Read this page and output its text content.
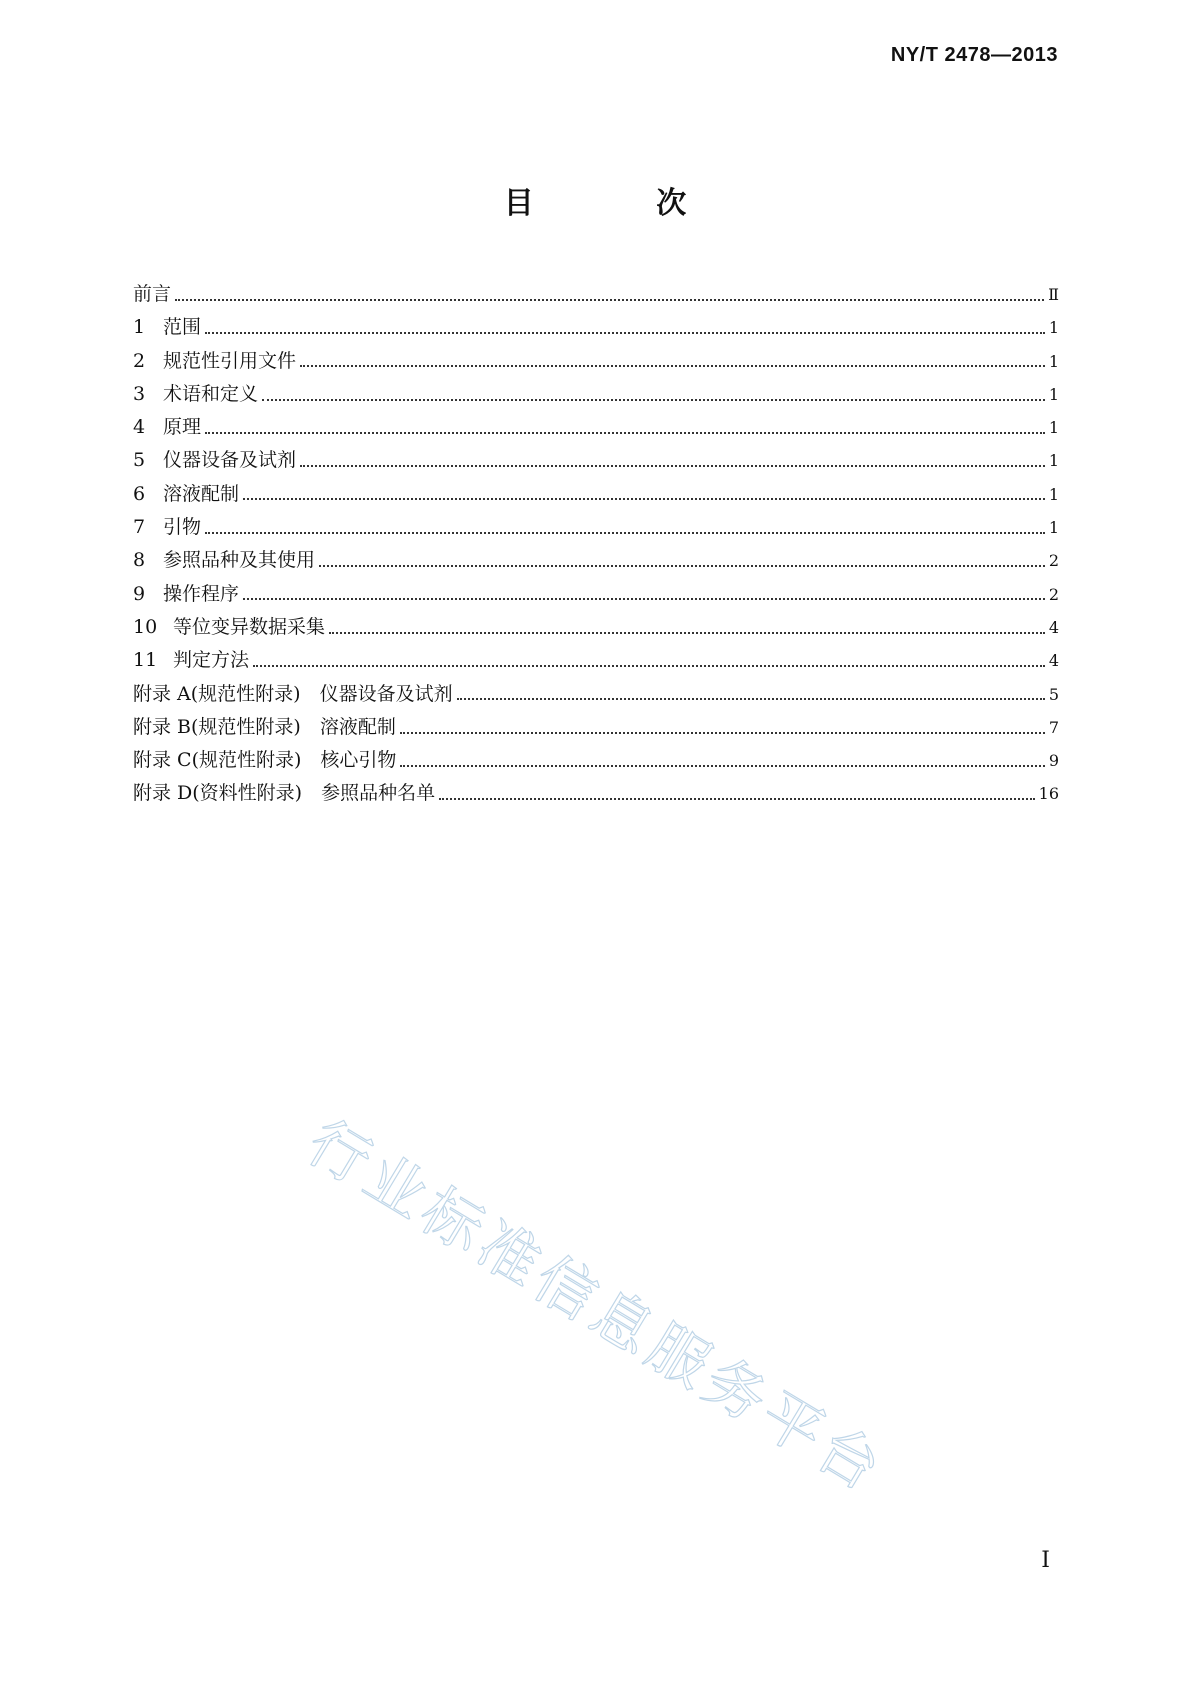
NY/T 2478—2013
目 次
前言	Ⅱ
1 范围	1
2 规范性引用文件	1
3 术语和定义	1
4 原理	1
5 仪器设备及试剂	1
6 溶液配制	1
7 引物	1
8 参照品种及其使用	2
9 操作程序	2
10 等位变异数据采集	4
11 判定方法	4
附录 A(规范性附录)　仪器设备及试剂	5
附录 B(规范性附录)　溶液配制	7
附录 C(规范性附录)　核心引物	9
附录 D(资料性附录)　参照品种名单	16
行业标准信息服务平台
I
